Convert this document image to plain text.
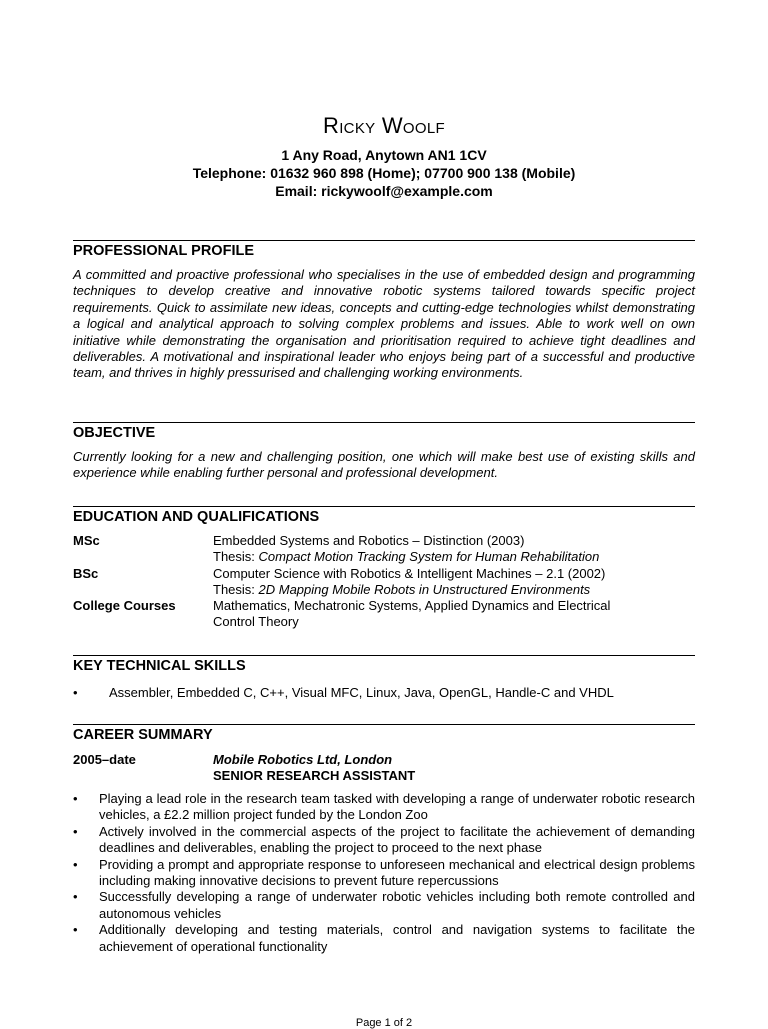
Ricky Woolf
1 Any Road, Anytown AN1 1CV
Telephone: 01632 960 898 (Home); 07700 900 138 (Mobile)
Email: rickywoolf@example.com
PROFESSIONAL PROFILE
A committed and proactive professional who specialises in the use of embedded design and programming techniques to develop creative and innovative robotic systems tailored towards specific project requirements. Quick to assimilate new ideas, concepts and cutting-edge technologies whilst demonstrating a logical and analytical approach to solving complex problems and issues. Able to work well on own initiative while demonstrating the organisation and prioritisation required to achieve tight deadlines and deliverables. A motivational and inspirational leader who enjoys being part of a successful and productive team, and thrives in highly pressurised and challenging working environments.
OBJECTIVE
Currently looking for a new and challenging position, one which will make best use of existing skills and experience while enabling further personal and professional development.
EDUCATION AND QUALIFICATIONS
MSc	Embedded Systems and Robotics – Distinction (2003)
Thesis: Compact Motion Tracking System for Human Rehabilitation
BSc	Computer Science with Robotics & Intelligent Machines – 2.1 (2002)
Thesis: 2D Mapping Mobile Robots in Unstructured Environments
College Courses	Mathematics, Mechatronic Systems, Applied Dynamics and Electrical Control Theory
KEY TECHNICAL SKILLS
• Assembler, Embedded C, C++, Visual MFC, Linux, Java, OpenGL, Handle-C and VHDL
CAREER SUMMARY
2005–date	Mobile Robotics Ltd, London
SENIOR RESEARCH ASSISTANT
• Playing a lead role in the research team tasked with developing a range of underwater robotic research vehicles, a £2.2 million project funded by the London Zoo
• Actively involved in the commercial aspects of the project to facilitate the achievement of demanding deadlines and deliverables, enabling the project to proceed to the next phase
• Providing a prompt and appropriate response to unforeseen mechanical and electrical design problems including making innovative decisions to prevent future repercussions
• Successfully developing a range of underwater robotic vehicles including both remote controlled and autonomous vehicles
• Additionally developing and testing materials, control and navigation systems to facilitate the achievement of operational functionality
Page 1 of 2
